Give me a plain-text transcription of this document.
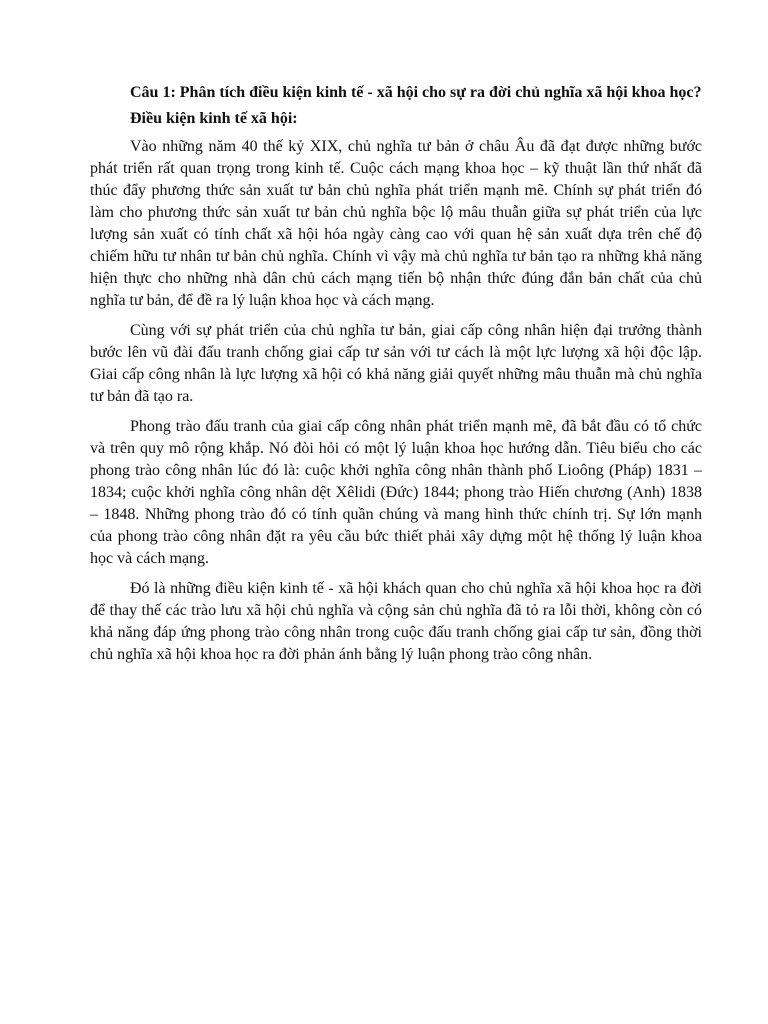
Câu 1: Phân tích điều kiện kinh tế - xã hội cho sự ra đời chủ nghĩa xã hội khoa học?

Điều kiện kinh tế xã hội:

Vào những năm 40 thế kỷ XIX, chủ nghĩa tư bản ở châu Âu đã đạt được những bước phát triển rất quan trọng trong kinh tế. Cuộc cách mạng khoa học – kỹ thuật lần thứ nhất đã thúc đẩy phương thức sản xuất tư bản chủ nghĩa phát triển mạnh mẽ. Chính sự phát triển đó làm cho phương thức sản xuất tư bản chủ nghĩa bộc lộ mâu thuẫn giữa sự phát triển của lực lượng sản xuất có tính chất xã hội hóa ngày càng cao với quan hệ sản xuất dựa trên chế độ chiếm hữu tư nhân tư bản chủ nghĩa. Chính vì vậy mà chủ nghĩa tư bản tạo ra những khả năng hiện thực cho những nhà dân chủ cách mạng tiến bộ nhận thức đúng đắn bản chất của chủ nghĩa tư bản, để đề ra lý luận khoa học và cách mạng.

Cùng với sự phát triển của chủ nghĩa tư bản, giai cấp công nhân hiện đại trưởng thành bước lên vũ đài đấu tranh chống giai cấp tư sản với tư cách là một lực lượng xã hội độc lập. Giai cấp công nhân là lực lượng xã hội có khả năng giải quyết những mâu thuẫn mà chủ nghĩa tư bản đã tạo ra.

Phong trào đấu tranh của giai cấp công nhân phát triển mạnh mẽ, đã bắt đầu có tổ chức và trên quy mô rộng khắp. Nó đòi hỏi có một lý luận khoa học hướng dẫn. Tiêu biểu cho các phong trào công nhân lúc đó là: cuộc khởi nghĩa công nhân thành phố Lioông (Pháp) 1831 – 1834; cuộc khởi nghĩa công nhân dệt Xêlidi (Đức) 1844; phong trào Hiến chương (Anh) 1838 – 1848. Những phong trào đó có tính quần chúng và mang hình thức chính trị. Sự lớn mạnh của phong trào công nhân đặt ra yêu cầu bức thiết phải xây dựng một hệ thống lý luận khoa học và cách mạng.

Đó là những điều kiện kinh tế - xã hội khách quan cho chủ nghĩa xã hội khoa học ra đời để thay thế các trào lưu xã hội chủ nghĩa và cộng sản chủ nghĩa đã tỏ ra lỗi thời, không còn có khả năng đáp ứng phong trào công nhân trong cuộc đấu tranh chống giai cấp tư sản, đồng thời chủ nghĩa xã hội khoa học ra đời phản ánh bằng lý luận phong trào công nhân.
